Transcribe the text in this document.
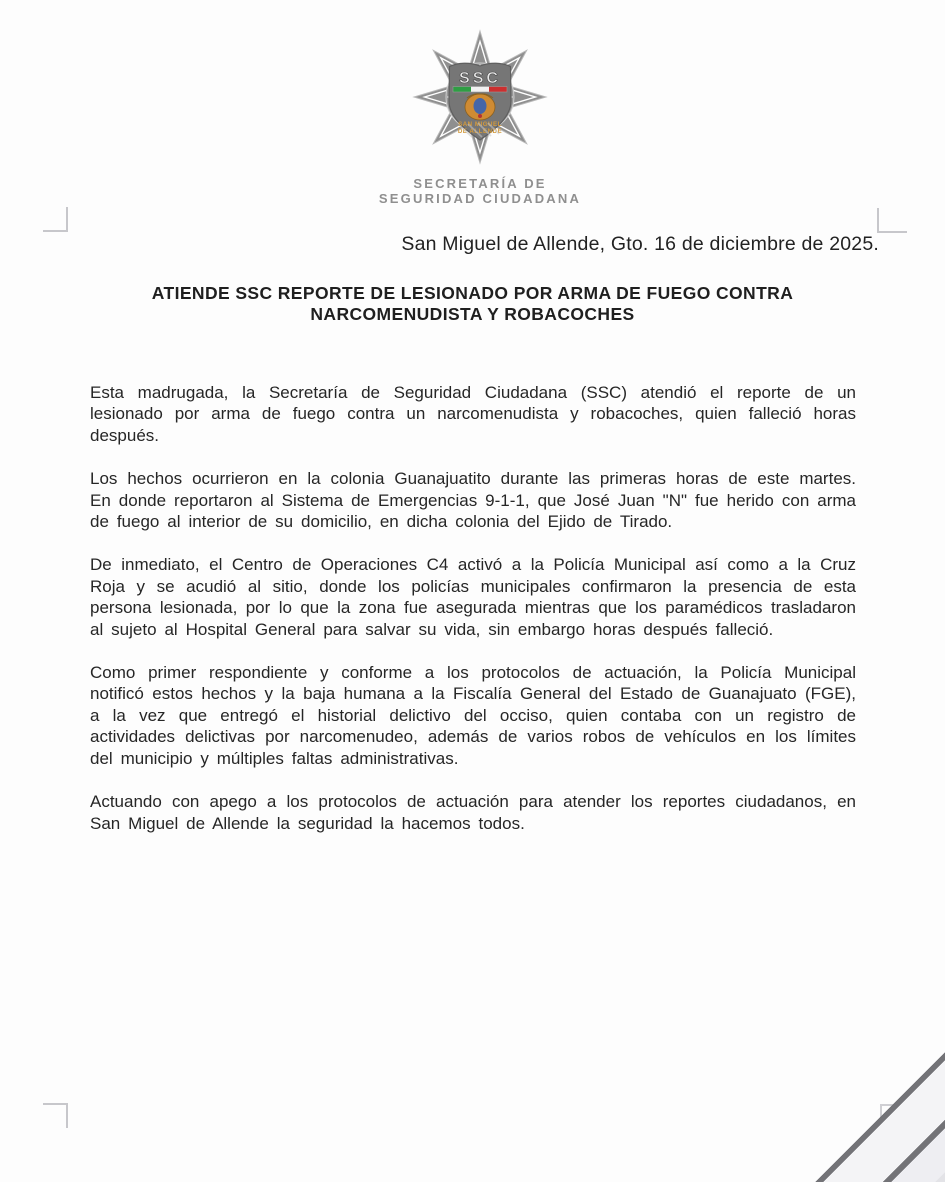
SSC
SAN MIGUEL
DE ALLENDE
SECRETARÍA DE
SEGURIDAD CIUDADANA
San Miguel de Allende, Gto. 16 de diciembre de 2025.
ATIENDE SSC REPORTE DE LESIONADO POR ARMA DE FUEGO CONTRA
NARCOMENUDISTA Y ROBACOCHES

Esta madrugada, la Secretaría de Seguridad Ciudadana (SSC) atendió el reporte de un lesionado por arma de fuego contra un narcomenudista y robacoches, quien falleció horas después.

Los hechos ocurrieron en la colonia Guanajuatito durante las primeras horas de este martes. En donde reportaron al Sistema de Emergencias 9-1-1, que José Juan "N" fue herido con arma de fuego al interior de su domicilio, en dicha colonia del Ejido de Tirado.

De inmediato, el Centro de Operaciones C4 activó a la Policía Municipal así como a la Cruz Roja y se acudió al sitio, donde los policías municipales confirmaron la presencia de esta persona lesionada, por lo que la zona fue asegurada mientras que los paramédicos trasladaron al sujeto al Hospital General para salvar su vida, sin embargo horas después falleció.

Como primer respondiente y conforme a los protocolos de actuación, la Policía Municipal notificó estos hechos y la baja humana a la Fiscalía General del Estado de Guanajuato (FGE), a la vez que entregó el historial delictivo del occiso, quien contaba con un registro de actividades delictivas por narcomenudeo, además de varios robos de vehículos en los límites del municipio y múltiples faltas administrativas.

Actuando con apego a los protocolos de actuación para atender los reportes ciudadanos, en San Miguel de Allende la seguridad la hacemos todos.
